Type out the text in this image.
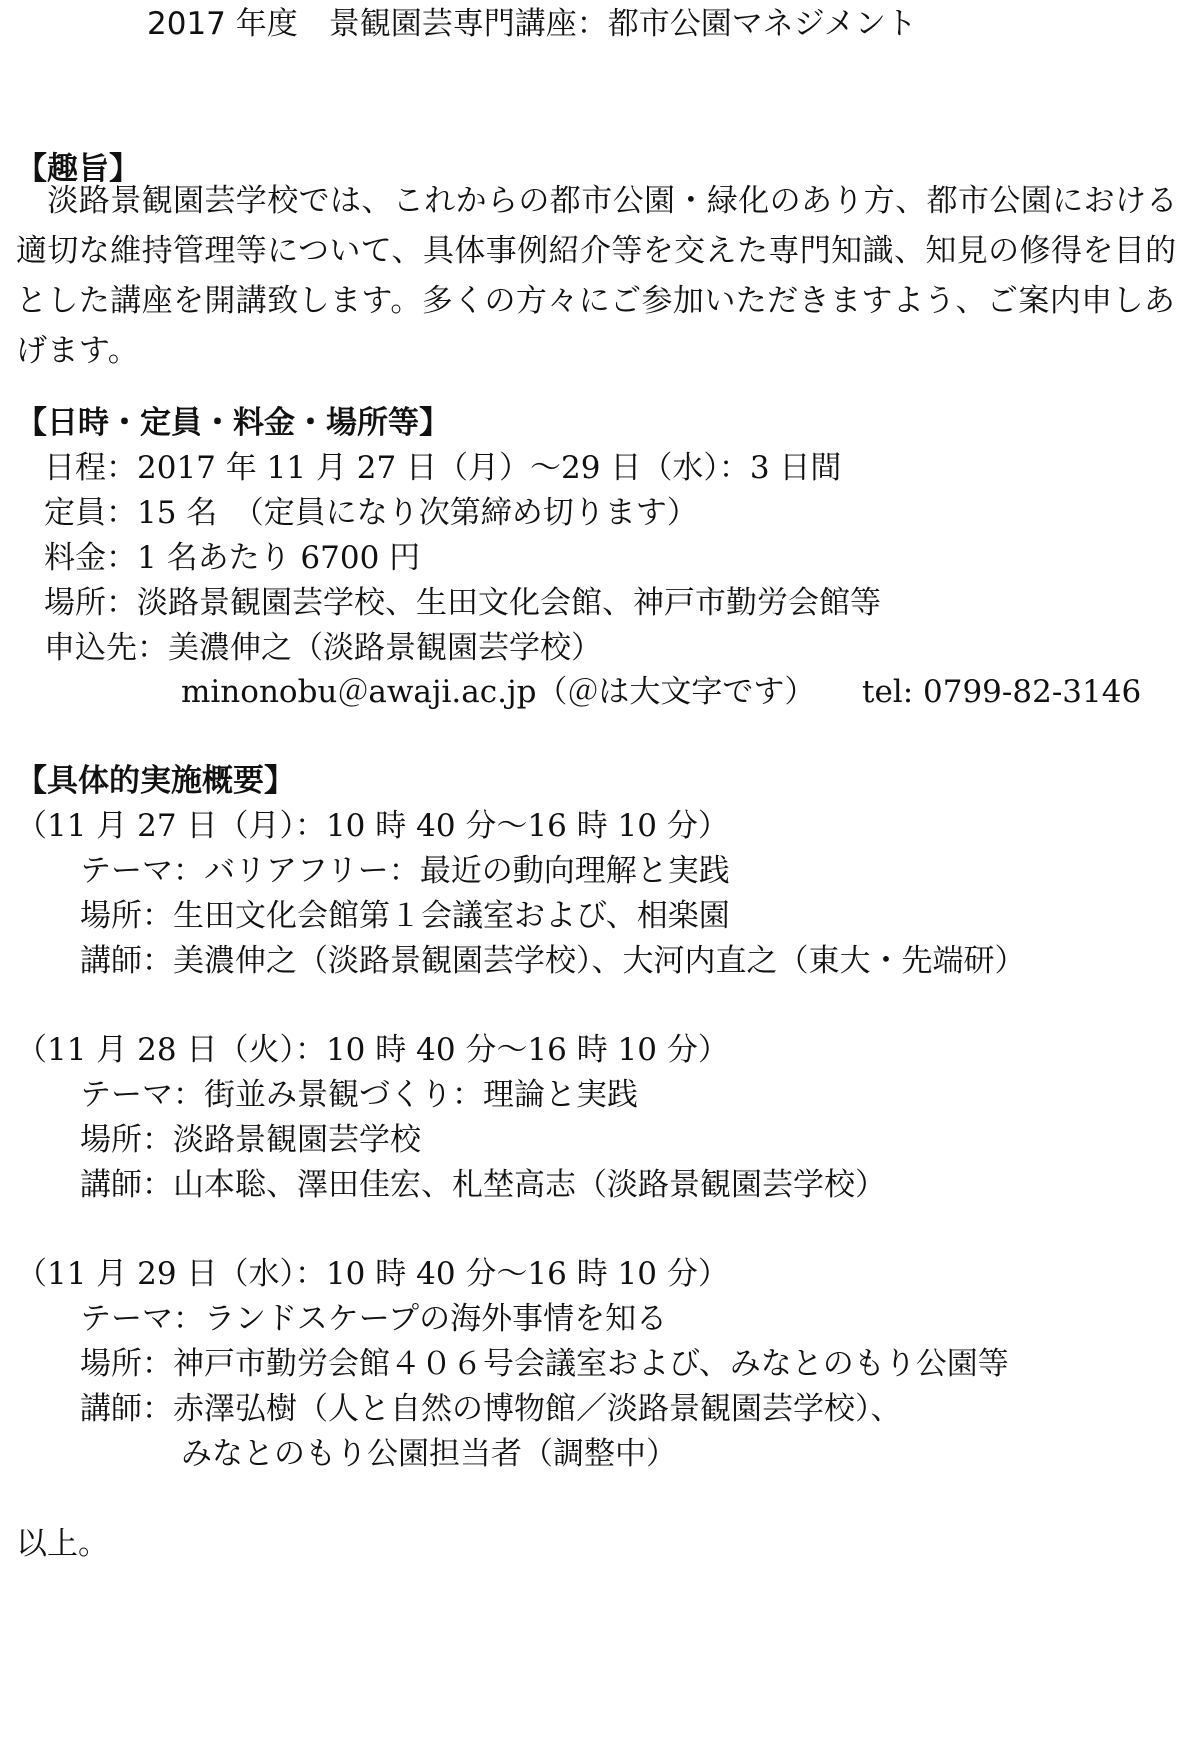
2017 年度　景観園芸専門講座：都市公園マネジメント
【趣旨】
　淡路景観園芸学校では、これからの都市公園・緑化のあり方、都市公園における適切な維持管理等について、具体事例紹介等を交えた専門知識、知見の修得を目的とした講座を開講致します。多くの方々にご参加いただきますよう、ご案内申しあげます。
【日時・定員・料金・場所等】
日程：2017 年 11 月 27 日（月）～29 日（水）：3 日間
定員：15 名　（定員になり次第締め切ります）
料金：1 名あたり 6700 円
場所：淡路景観園芸学校、生田文化会館、神戸市勤労会館等
申込先：美濃伸之（淡路景観園芸学校）
minonobu＠awaji.ac.jp（＠は大文字です） tel: 0799-82-3146
【具体的実施概要】
（11 月 27 日（月）：10 時 40 分～16 時 10 分）
テーマ：バリアフリー：最近の動向理解と実践
場所：生田文化会館第１会議室および、相楽園
講師：美濃伸之（淡路景観園芸学校）、大河内直之（東大・先端研）
（11 月 28 日（火）：10 時 40 分～16 時 10 分）
テーマ：街並み景観づくり：理論と実践
場所：淡路景観園芸学校
講師：山本聡、澤田佳宏、札埜高志（淡路景観園芸学校）
（11 月 29 日（水）：10 時 40 分～16 時 10 分）
テーマ：ランドスケープの海外事情を知る
場所：神戸市勤労会館４０６号会議室および、みなとのもり公園等
講師：赤澤弘樹（人と自然の博物館／淡路景観園芸学校）、
みなとのもり公園担当者（調整中）
以上。
